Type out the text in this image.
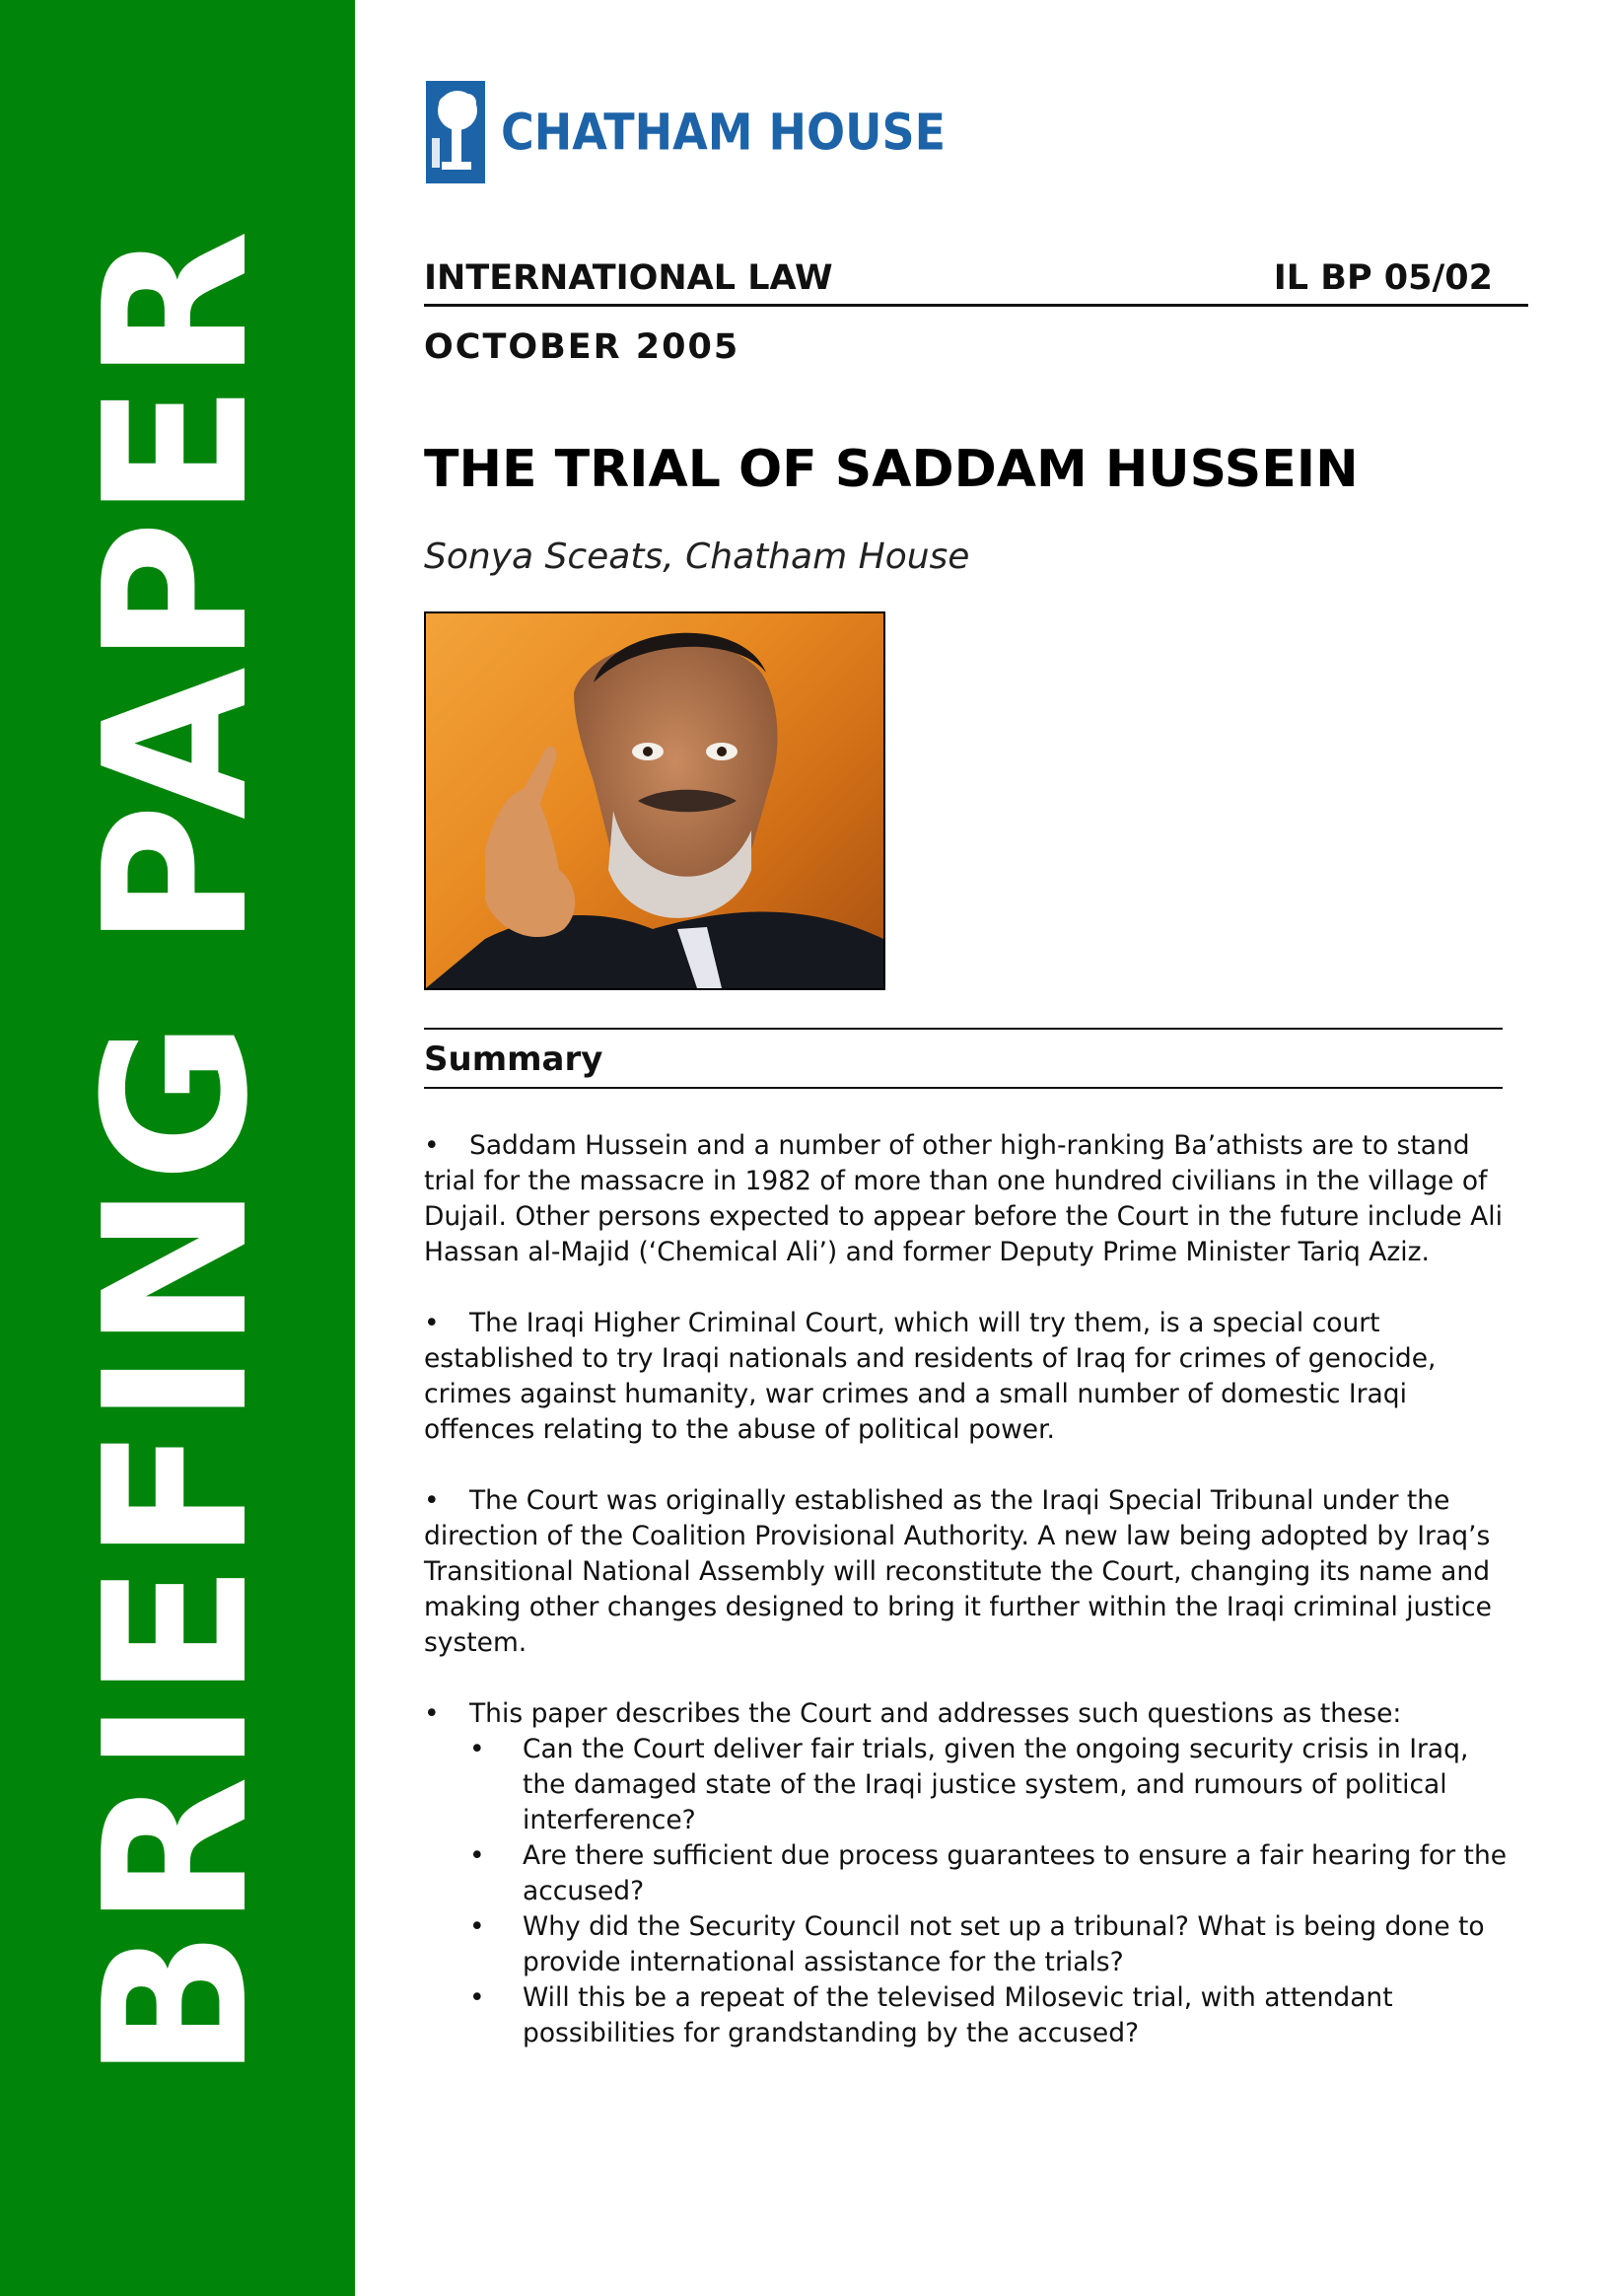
BRIEFING PAPER
CHATHAM HOUSE
INTERNATIONAL LAW	IL BP 05/02
OCTOBER 2005
THE TRIAL OF SADDAM HUSSEIN
Sonya Sceats, Chatham House
Summary

• Saddam Hussein and a number of other high-ranking Ba’athists are to stand trial for the massacre in 1982 of more than one hundred civilians in the village of Dujail. Other persons expected to appear before the Court in the future include Ali Hassan al-Majid (‘Chemical Ali’) and former Deputy Prime Minister Tariq Aziz.

• The Iraqi Higher Criminal Court, which will try them, is a special court established to try Iraqi nationals and residents of Iraq for crimes of genocide, crimes against humanity, war crimes and a small number of domestic Iraqi offences relating to the abuse of political power.

• The Court was originally established as the Iraqi Special Tribunal under the direction of the Coalition Provisional Authority. A new law being adopted by Iraq’s Transitional National Assembly will reconstitute the Court, changing its name and making other changes designed to bring it further within the Iraqi criminal justice system.

•	This paper describes the Court and addresses such questions as these:
•	Can the Court deliver fair trials, given the ongoing security crisis in Iraq, the damaged state of the Iraqi justice system, and rumours of political interference?
•	Are there sufficient due process guarantees to ensure a fair hearing for the accused?
•	Why did the Security Council not set up a tribunal? What is being done to provide international assistance for the trials?
•	Will this be a repeat of the televised Milosevic trial, with attendant possibilities for grandstanding by the accused?
